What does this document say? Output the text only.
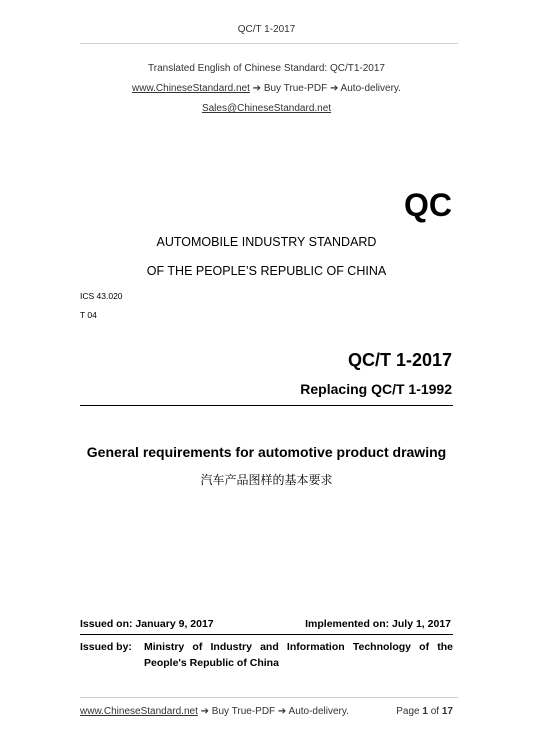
QC/T 1-2017
Translated English of Chinese Standard: QC/T1-2017
www.ChineseStandard.net ➔ Buy True-PDF ➔ Auto-delivery.
Sales@ChineseStandard.net
QC
AUTOMOBILE INDUSTRY STANDARD
OF THE PEOPLE’S REPUBLIC OF CHINA
ICS 43.020
T 04
QC/T 1-2017
Replacing QC/T 1-1992
General requirements for automotive product drawing
汽车产品图样的基本要求
Issued on: January 9, 2017	Implemented on: July 1, 2017
Issued by: Ministry of Industry and Information Technology of the People's Republic of China
www.ChineseStandard.net ➔ Buy True-PDF ➔ Auto-delivery.	Page 1 of 17
